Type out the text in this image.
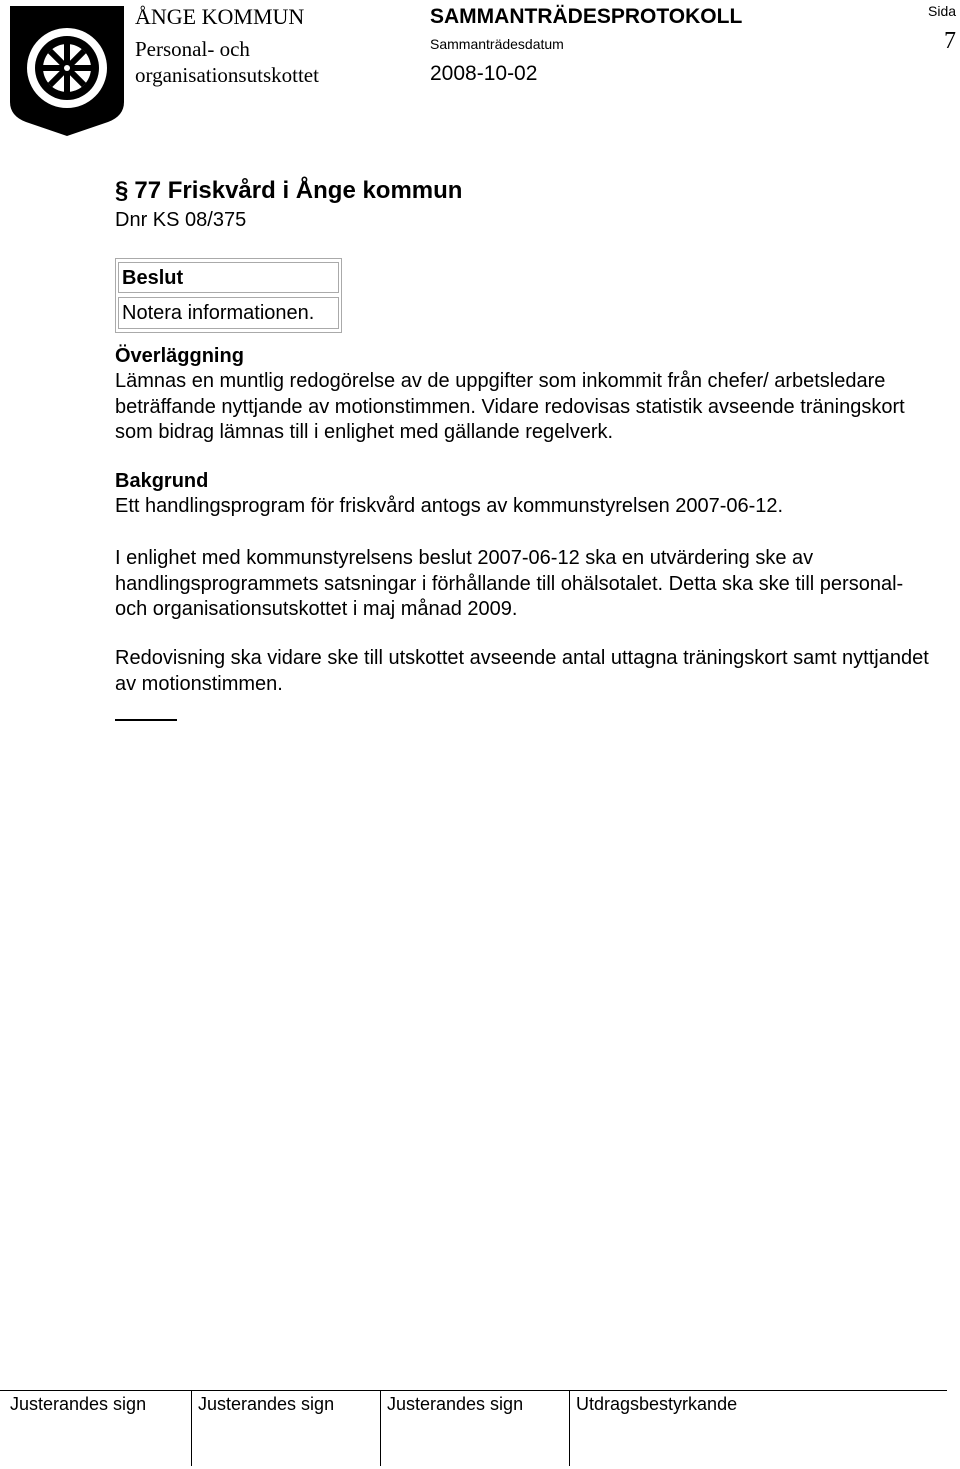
ÅNGE KOMMUN
Personal- och
organisationsutskottet
SAMMANTRÄDESPROTOKOLL
Sammanträdesdatum
2008-10-02
Sida
7
§ 77 Friskvård i Ånge kommun
Dnr KS 08/375
Beslut
Notera informationen.
Överläggning
Lämnas en muntlig redogörelse av de uppgifter som inkommit från chefer/ arbetsledare beträffande nyttjande av motionstimmen. Vidare redovisas statistik avseende träningskort som bidrag lämnas till i enlighet med gällande regelverk.
Bakgrund
Ett handlingsprogram för friskvård antogs av kommunstyrelsen 2007-06-12.
I enlighet med kommunstyrelsens beslut 2007-06-12 ska en utvärdering ske av handlingsprogrammets satsningar i förhållande till ohälsotalet. Detta ska ske till personal- och organisationsutskottet i maj månad 2009.
Redovisning ska vidare ske till utskottet avseende antal uttagna träningskort samt nyttjandet av motionstimmen.
Justerandes sign	Justerandes sign	Justerandes sign	Utdragsbestyrkande
